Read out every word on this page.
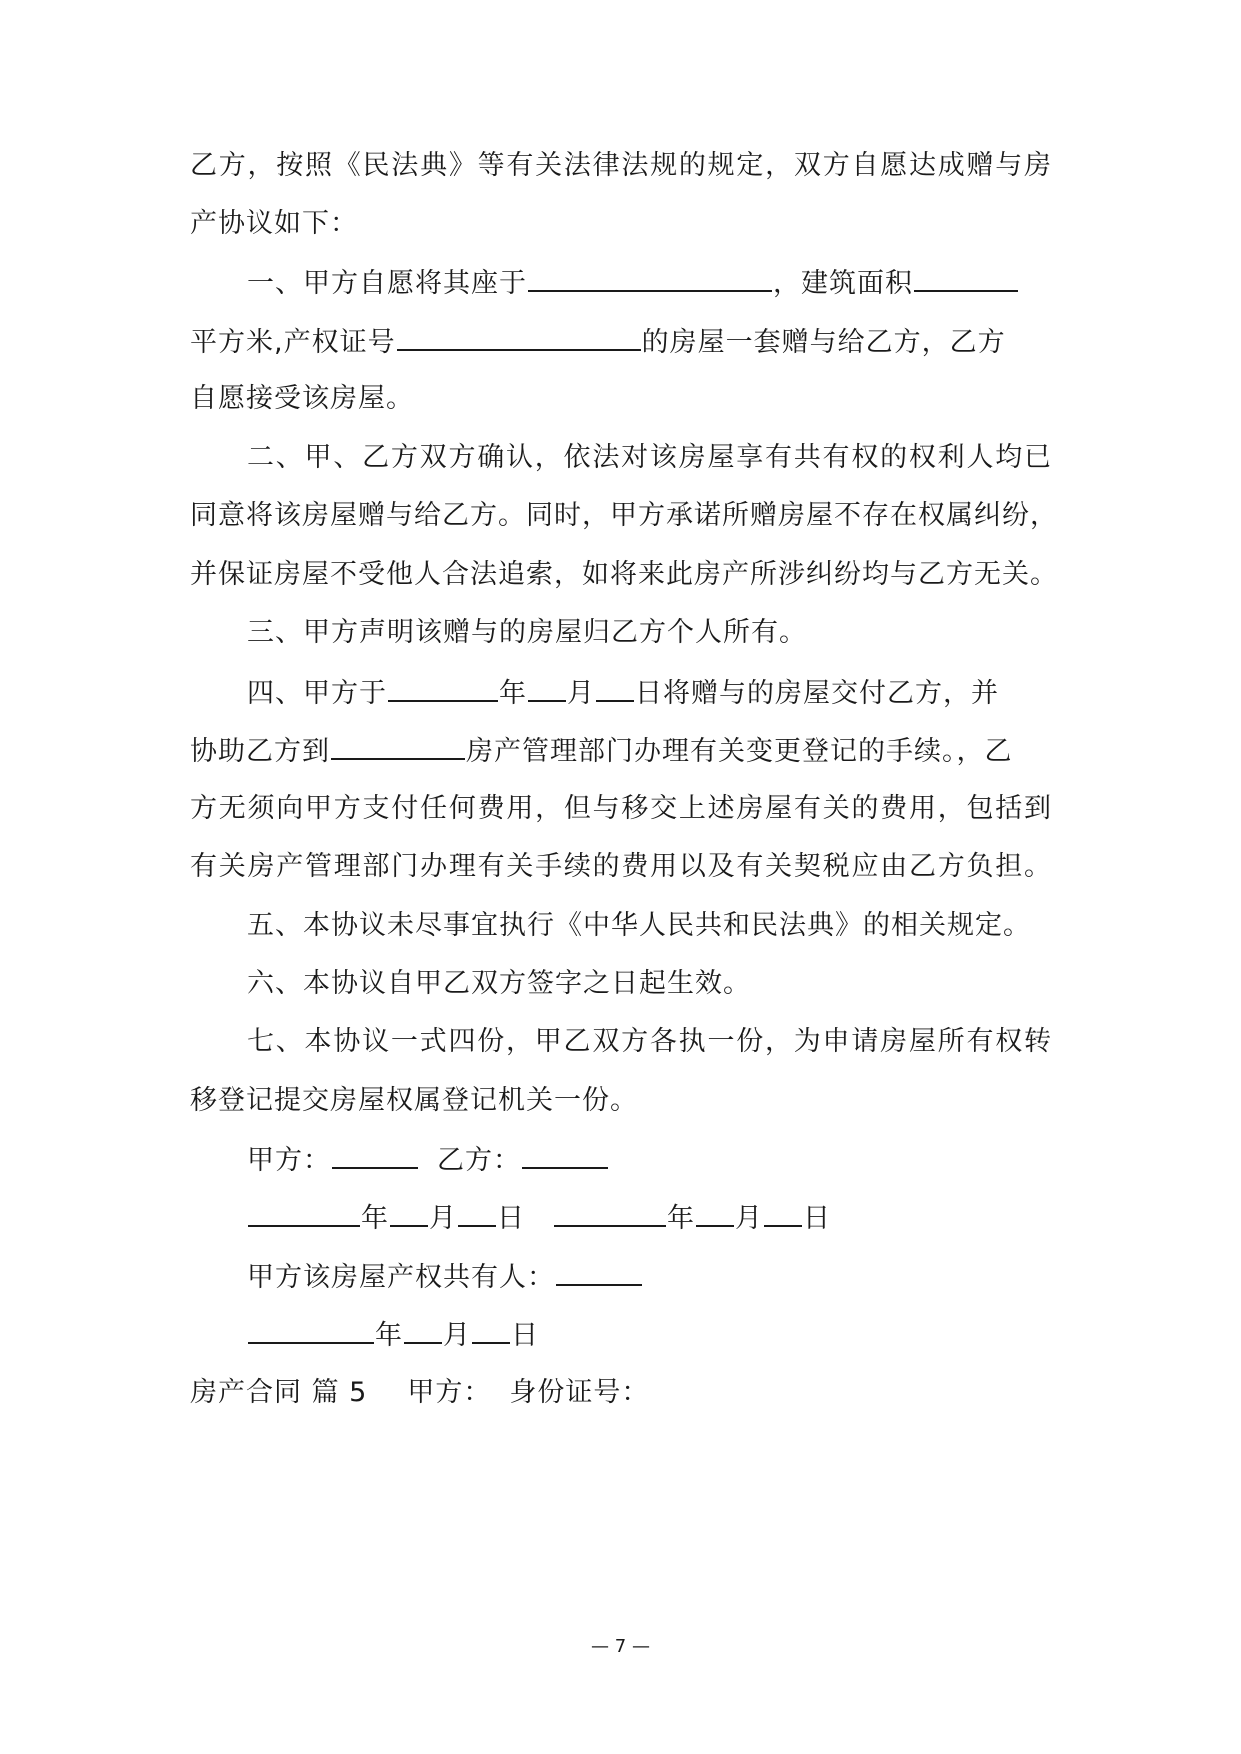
乙方，按照《民法典》等有关法律法规的规定，双方自愿达成赠与房
产协议如下：
一、甲方自愿将其座于	，建筑面积
平方米,产权证号	的房屋一套赠与给乙方，乙方
自愿接受该房屋。
二、甲、乙方双方确认，依法对该房屋享有共有权的权利人均已
同意将该房屋赠与给乙方。同时，甲方承诺所赠房屋不存在权属纠纷，
并保证房屋不受他人合法追索，如将来此房产所涉纠纷均与乙方无关。
三、甲方声明该赠与的房屋归乙方个人所有。
四、甲方于	年 月 日将赠与的房屋交付乙方，并
协助乙方到	房产管理部门办理有关变更登记的手续。，乙
方无须向甲方支付任何费用，但与移交上述房屋有关的费用，包括到
有关房产管理部门办理有关手续的费用以及有关契税应由乙方负担。
五、本协议未尽事宜执行《中华人民共和民法典》的相关规定。
六、本协议自甲乙双方签字之日起生效。
七、本协议一式四份，甲乙双方各执一份，为申请房屋所有权转
移登记提交房屋权属登记机关一份。
甲方：	乙方：
年 月 日	年 月 日
甲方该房屋产权共有人：
年 月 日
房产合同 篇 5 甲方： 身份证号：
— 7 —
